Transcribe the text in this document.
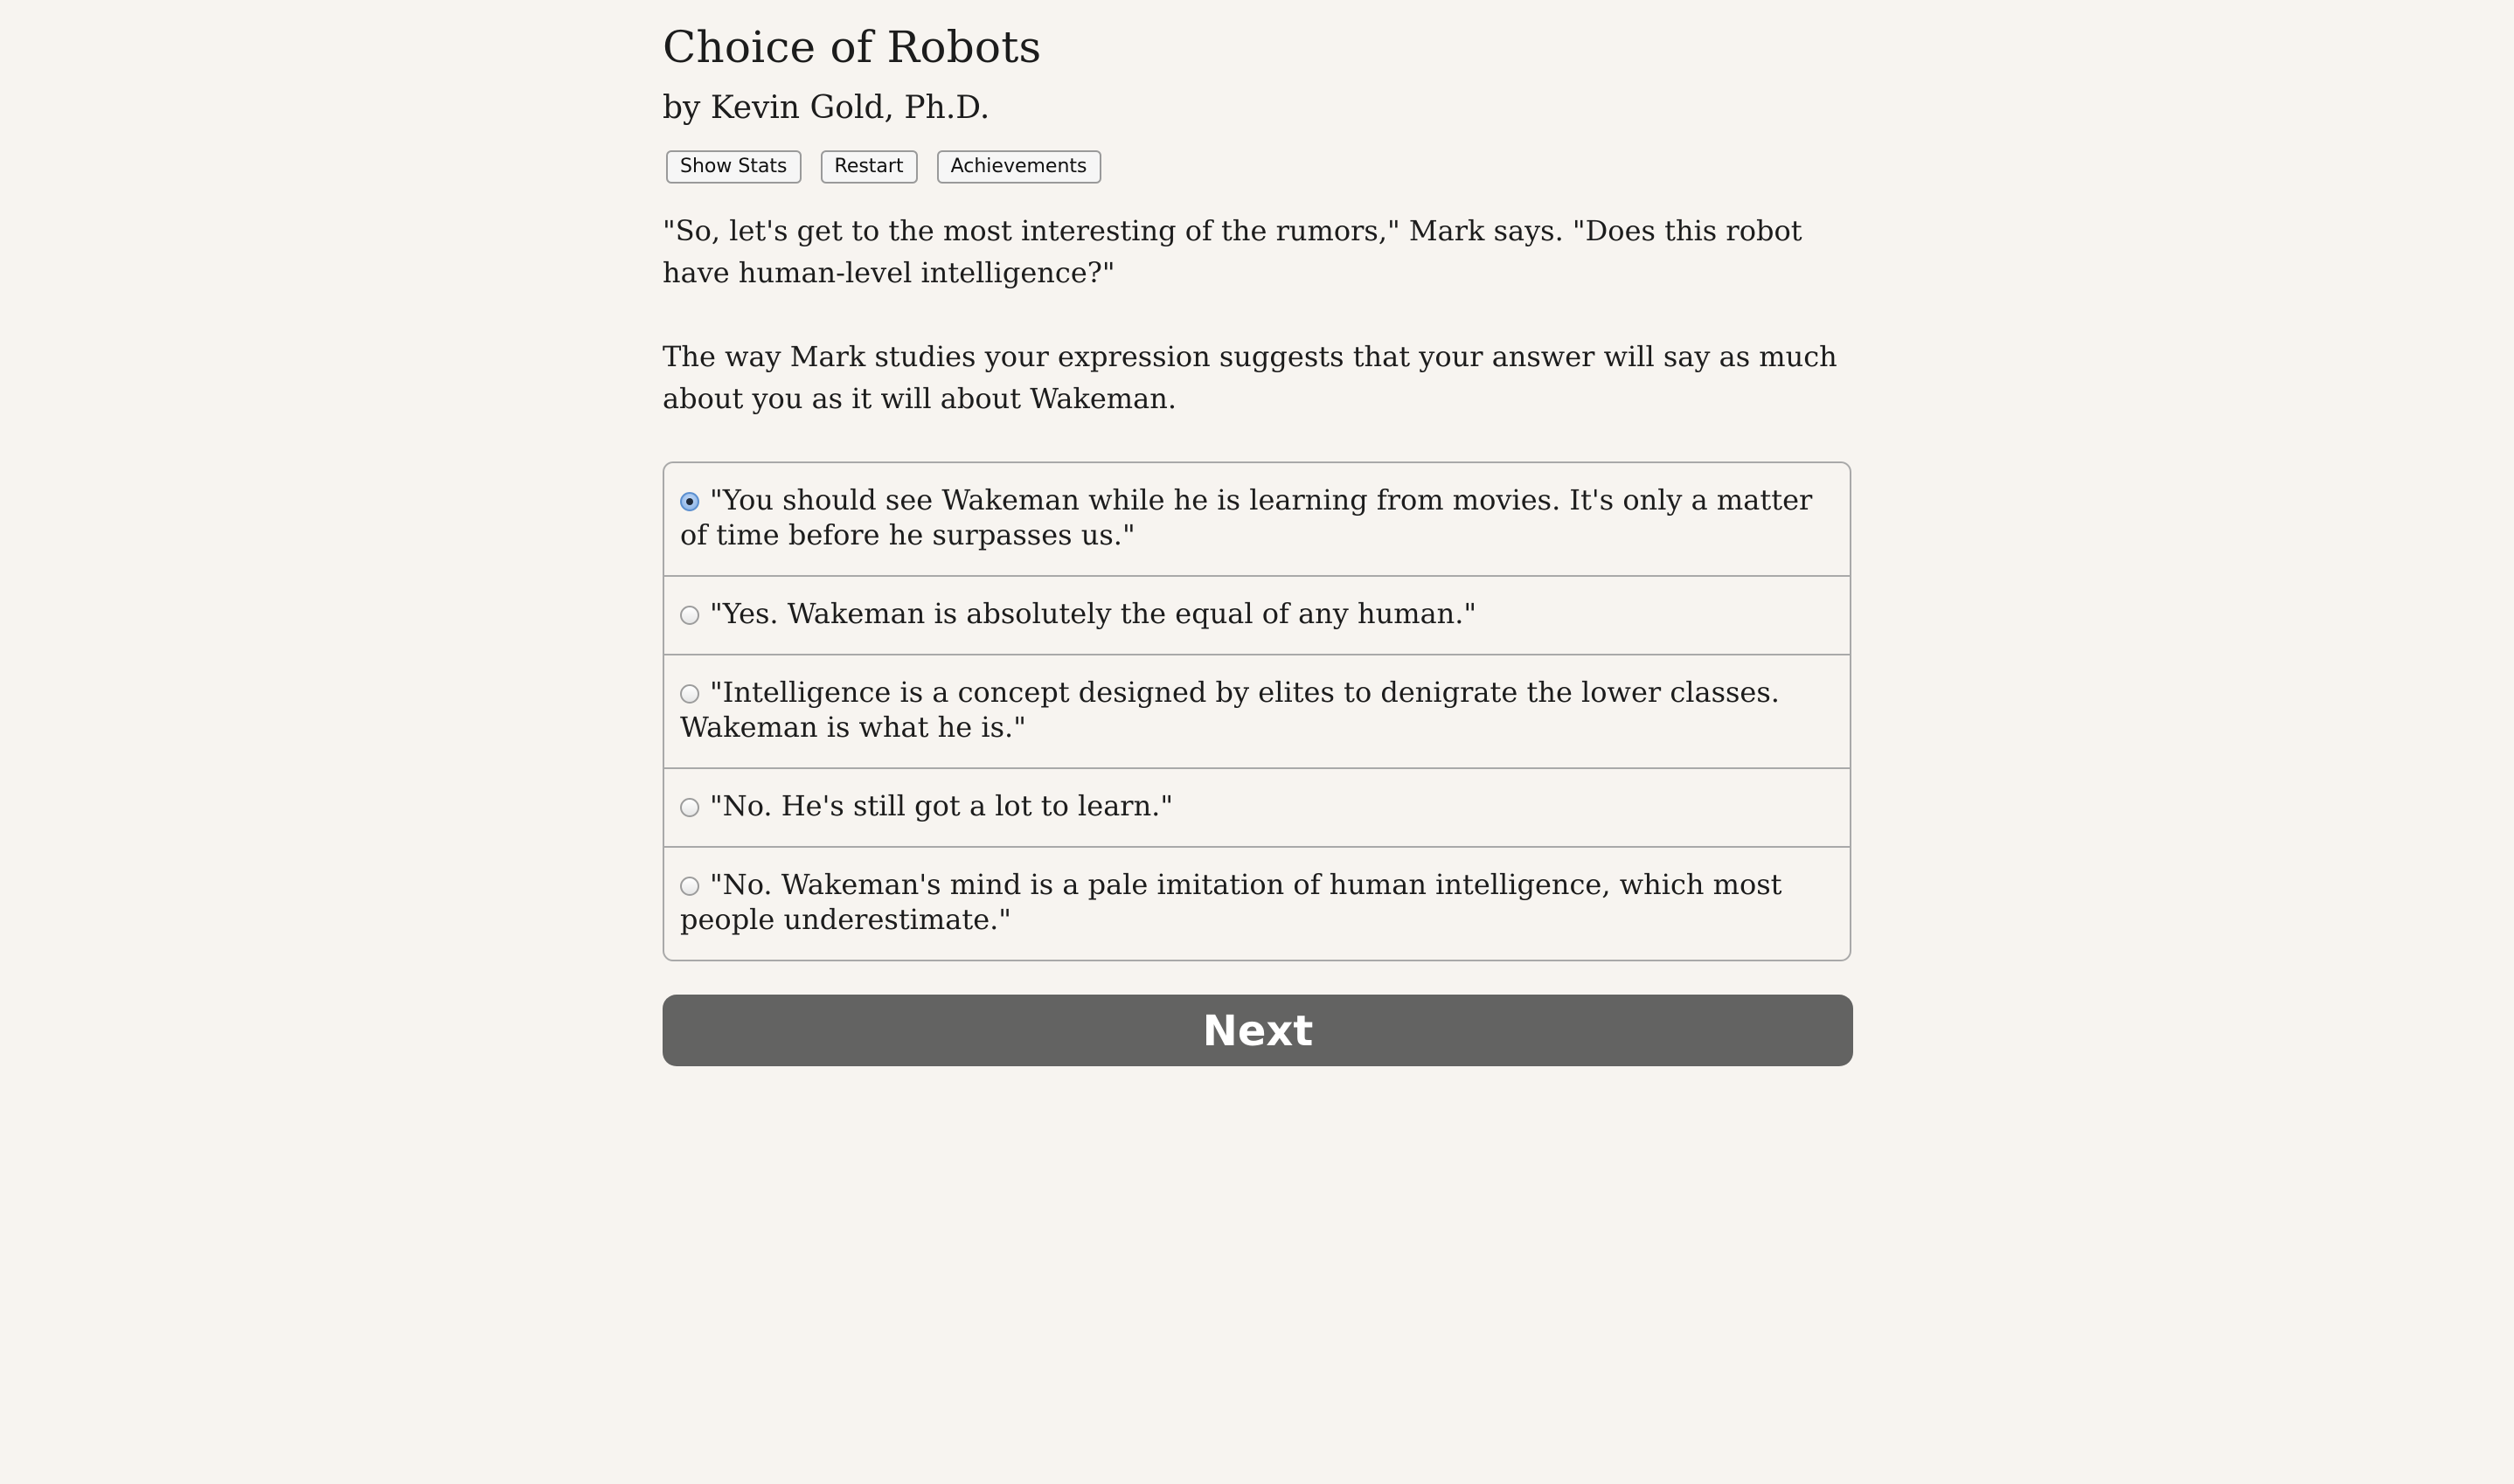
Choice of Robots

by Kevin Gold, Ph.D.

Show Stats	Restart	Achievements

"So, let's get to the most interesting of the rumors," Mark says. "Does this robot have human-level intelligence?"

The way Mark studies your expression suggests that your answer will say as much about you as it will about Wakeman.

"You should see Wakeman while he is learning from movies. It's only a matter of time before he surpasses us."
"Yes. Wakeman is absolutely the equal of any human."
"Intelligence is a concept designed by elites to denigrate the lower classes. Wakeman is what he is."
"No. He's still got a lot to learn."
"No. Wakeman's mind is a pale imitation of human intelligence, which most people underestimate."
Next
